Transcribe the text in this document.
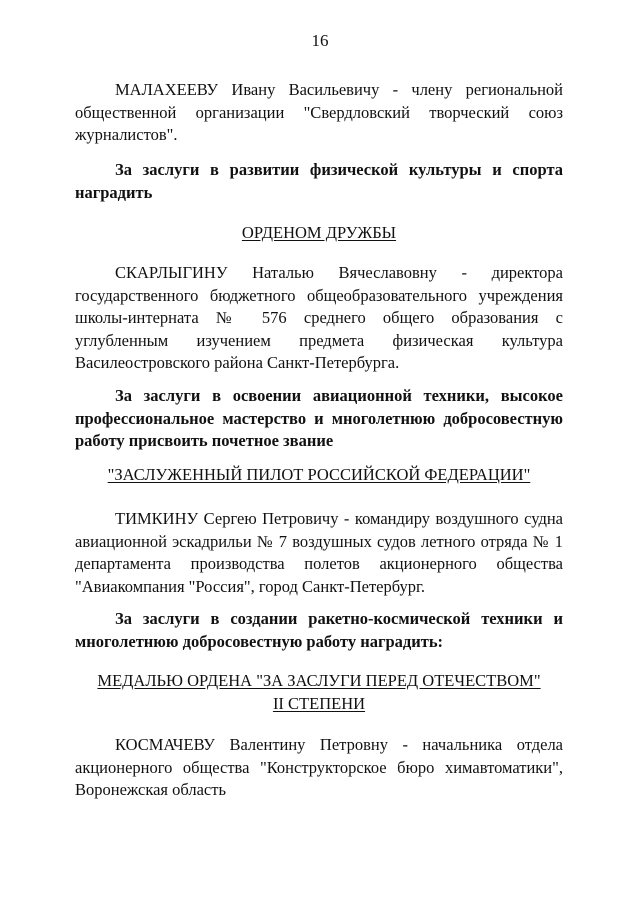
16
МАЛАХЕЕВУ Ивану Васильевичу - члену региональной общественной организации "Свердловский творческий союз журналистов".
За заслуги в развитии физической культуры и спорта наградить
ОРДЕНОМ ДРУЖБЫ
СКАРЛЫГИНУ Наталью Вячеславовну - директора государственного бюджетного общеобразовательного учреждения школы-интерната № 576 среднего общего образования с углубленным изучением предмета физическая культура Василеостровского района Санкт-Петербурга.
За заслуги в освоении авиационной техники, высокое профессиональное мастерство и многолетнюю добросовестную работу присвоить почетное звание
"ЗАСЛУЖЕННЫЙ ПИЛОТ РОССИЙСКОЙ ФЕДЕРАЦИИ"
ТИМКИНУ Сергею Петровичу - командиру воздушного судна авиационной эскадрильи № 7 воздушных судов летного отряда № 1 департамента производства полетов акционерного общества "Авиакомпания "Россия", город Санкт-Петербург.
За заслуги в создании ракетно-космической техники и многолетнюю добросовестную работу наградить:
МЕДАЛЬЮ ОРДЕНА "ЗА ЗАСЛУГИ ПЕРЕД ОТЕЧЕСТВОМ"
II СТЕПЕНИ
КОСМАЧЕВУ Валентину Петровну - начальника отдела акционерного общества "Конструкторское бюро химавтоматики", Воронежская область
